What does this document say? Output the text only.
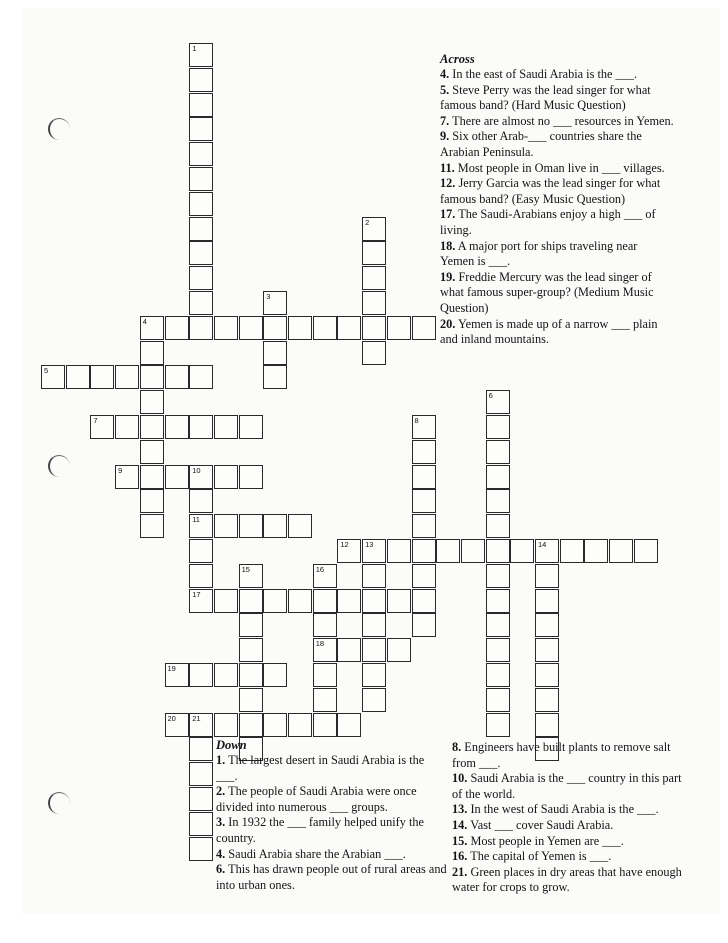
1
2
3
4
5
6
7	8
9	10
11
17
12 13	14
15	16
18
19
20 21
Across
4. In the east of Saudi Arabia is the ___.
5. Steve Perry was the lead singer for what famous band? (Hard Music Question)
7. There are almost no ___ resources in Yemen.
9. Six other Arab-___ countries share the Arabian Peninsula.
11. Most people in Oman live in ___ villages.
12. Jerry Garcia was the lead singer for what famous band? (Easy Music Question)
17. The Saudi-Arabians enjoy a high ___ of living.
18. A major port for ships traveling near Yemen is ___.
19. Freddie Mercury was the lead singer of what famous super-group? (Medium Music Question)
20. Yemen is made up of a narrow ___ plain and inland mountains.
Down
1. The largest desert in Saudi Arabia is the ___.
2. The people of Saudi Arabia were once divided into numerous ___ groups.
3. In 1932 the ___ family helped unify the country.
4. Saudi Arabia share the Arabian ___.
6. This has drawn people out of rural areas and into urban ones.
8. Engineers have built plants to remove salt from ___.
10. Saudi Arabia is the ___ country in this part of the world.
13. In the west of Saudi Arabia is the ___.
14. Vast ___ cover Saudi Arabia.
15. Most people in Yemen are ___.
16. The capital of Yemen is ___.
21. Green places in dry areas that have enough water for crops to grow.
